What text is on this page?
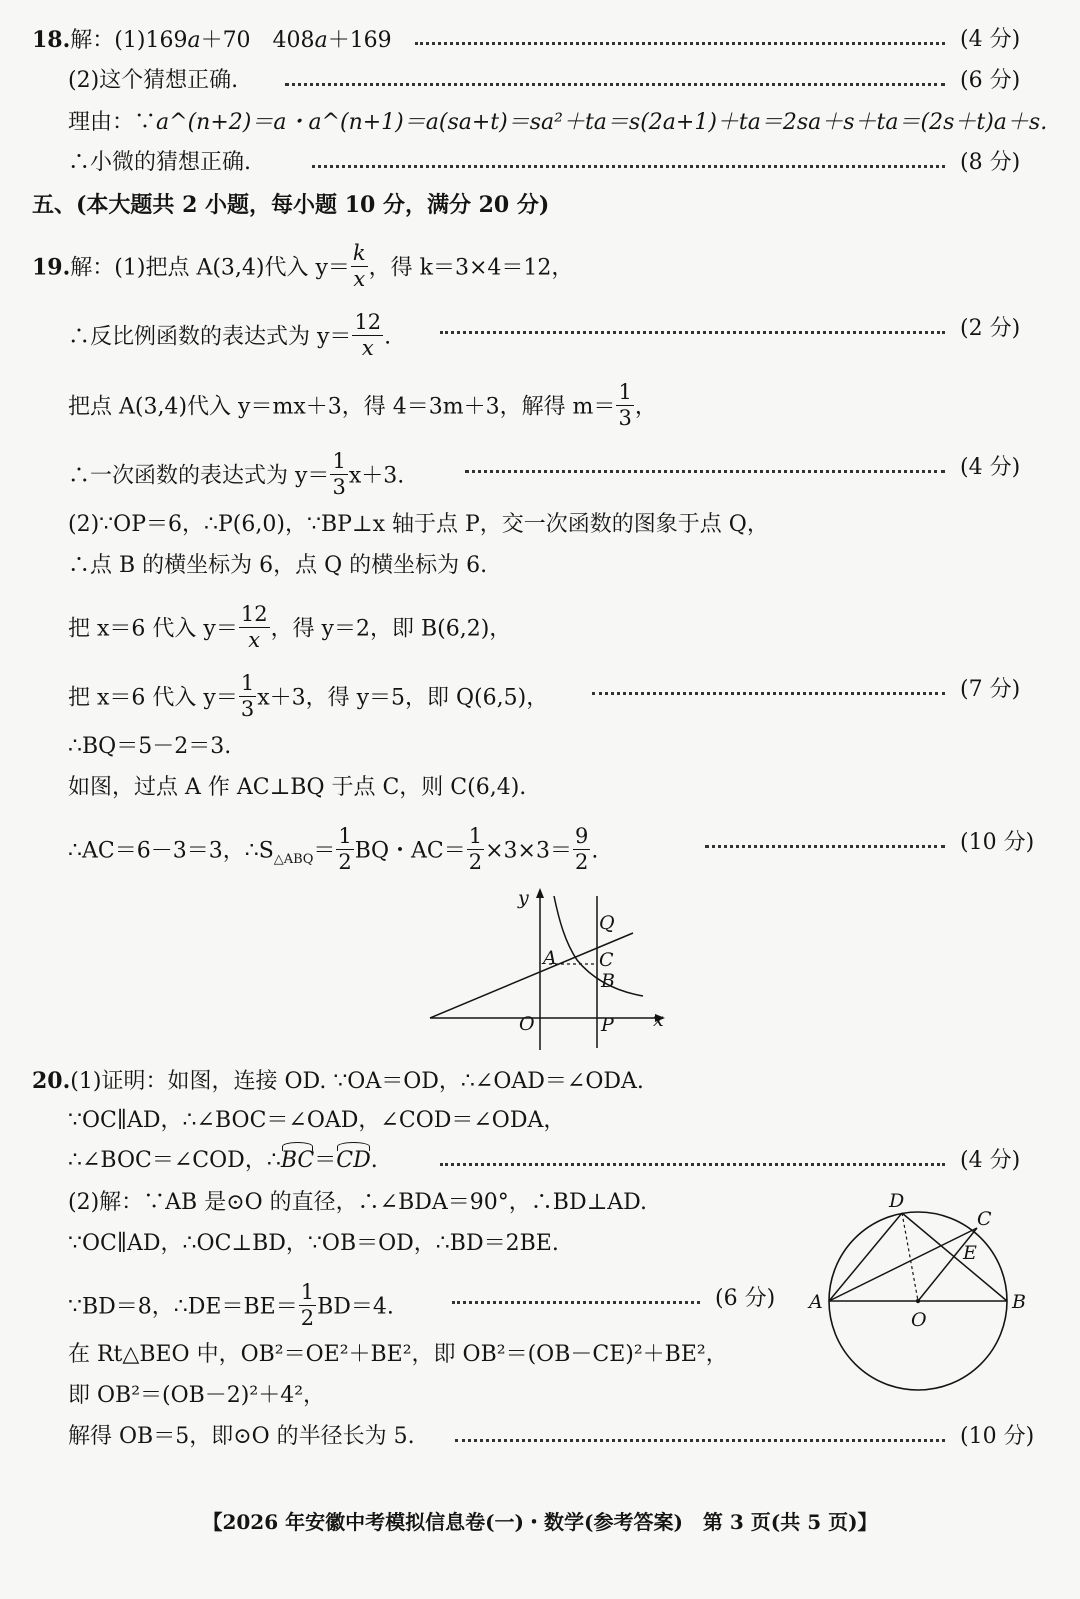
18.解：(1)169a＋70　408a＋169	(4 分)
(2)这个猜想正确.	(6 分)
理由：∵a^(n+2)＝a・a^(n+1)＝a(sa+t)＝sa²＋ta＝s(2a+1)＋ta＝2sa＋s＋ta＝(2s＋t)a＋s.
∴小微的猜想正确.	(8 分)
五、(本大题共 2 小题，每小题 10 分，满分 20 分)
19.解：(1)把点 A(3,4)代入 $y= \frac{k}{x}$ ，得 k＝3×4＝12，
∴反比例函数的表达式为 $y= \frac{12}{x}$ .	(2 分)
把点 A(3,4)代入 y＝mx＋3，得 4＝3m＋3，解得 $m= \frac{1}{3}$ ，
∴一次函数的表达式为 $y= \frac{1}{3} x+3$.	(4 分)
(2)∵OP＝6，∴P(6,0)，∵BP⊥x 轴于点 P，交一次函数的图象于点 Q，
∴点 B 的横坐标为 6，点 Q 的横坐标为 6.
把 x＝6 代入 $y= \frac{12}{x}$ ，得 y＝2，即 B(6,2)，
把 x＝6 代入 $y= \frac{1}{3} x+3$，得 y＝5，即 Q(6,5)，	(7 分)
∴BQ＝5－2＝3.
如图，过点 A 作 AC⊥BQ 于点 C，则 C(6,4).
∴AC＝6－3＝3，$\therefore S_{\triangle ABQ}= \frac{1}{2}$ BQ・$AC= \frac{1}{2} \times 3\times 3= \frac{9}{2}$ .	(10 分)
y
x
O	P
Q
A C
B
20.(1)证明：如图，连接 OD. ∵OA＝OD，∴∠OAD＝∠ODA.
∵OC∥AD，∴∠BOC＝∠OAD，∠COD＝∠ODA，
∴∠BOC＝∠COD，∴BC＝CD.	(4 分)
(2)解：∵AB 是⊙O 的直径，∴∠BDA＝90°，∴BD⊥AD.
∵OC∥AD，∴OC⊥BD，∵OB＝OD，∴BD＝2BE.
∵BD＝8，∴DE＝BE＝ $\frac{1}{2} BD=4$.	(6 分)
在 Rt△BEO 中，OB²＝OE²＋BE²，即 OB²＝(OB－CE)²＋BE²，
即 OB²＝(OB－2)²＋4²，
解得 OB＝5，即⊙O 的半径长为 5.	(10 分)
D
C
E
A	B
O
【2026 年安徽中考模拟信息卷(一)・数学(参考答案)　第 3 页(共 5 页)】
